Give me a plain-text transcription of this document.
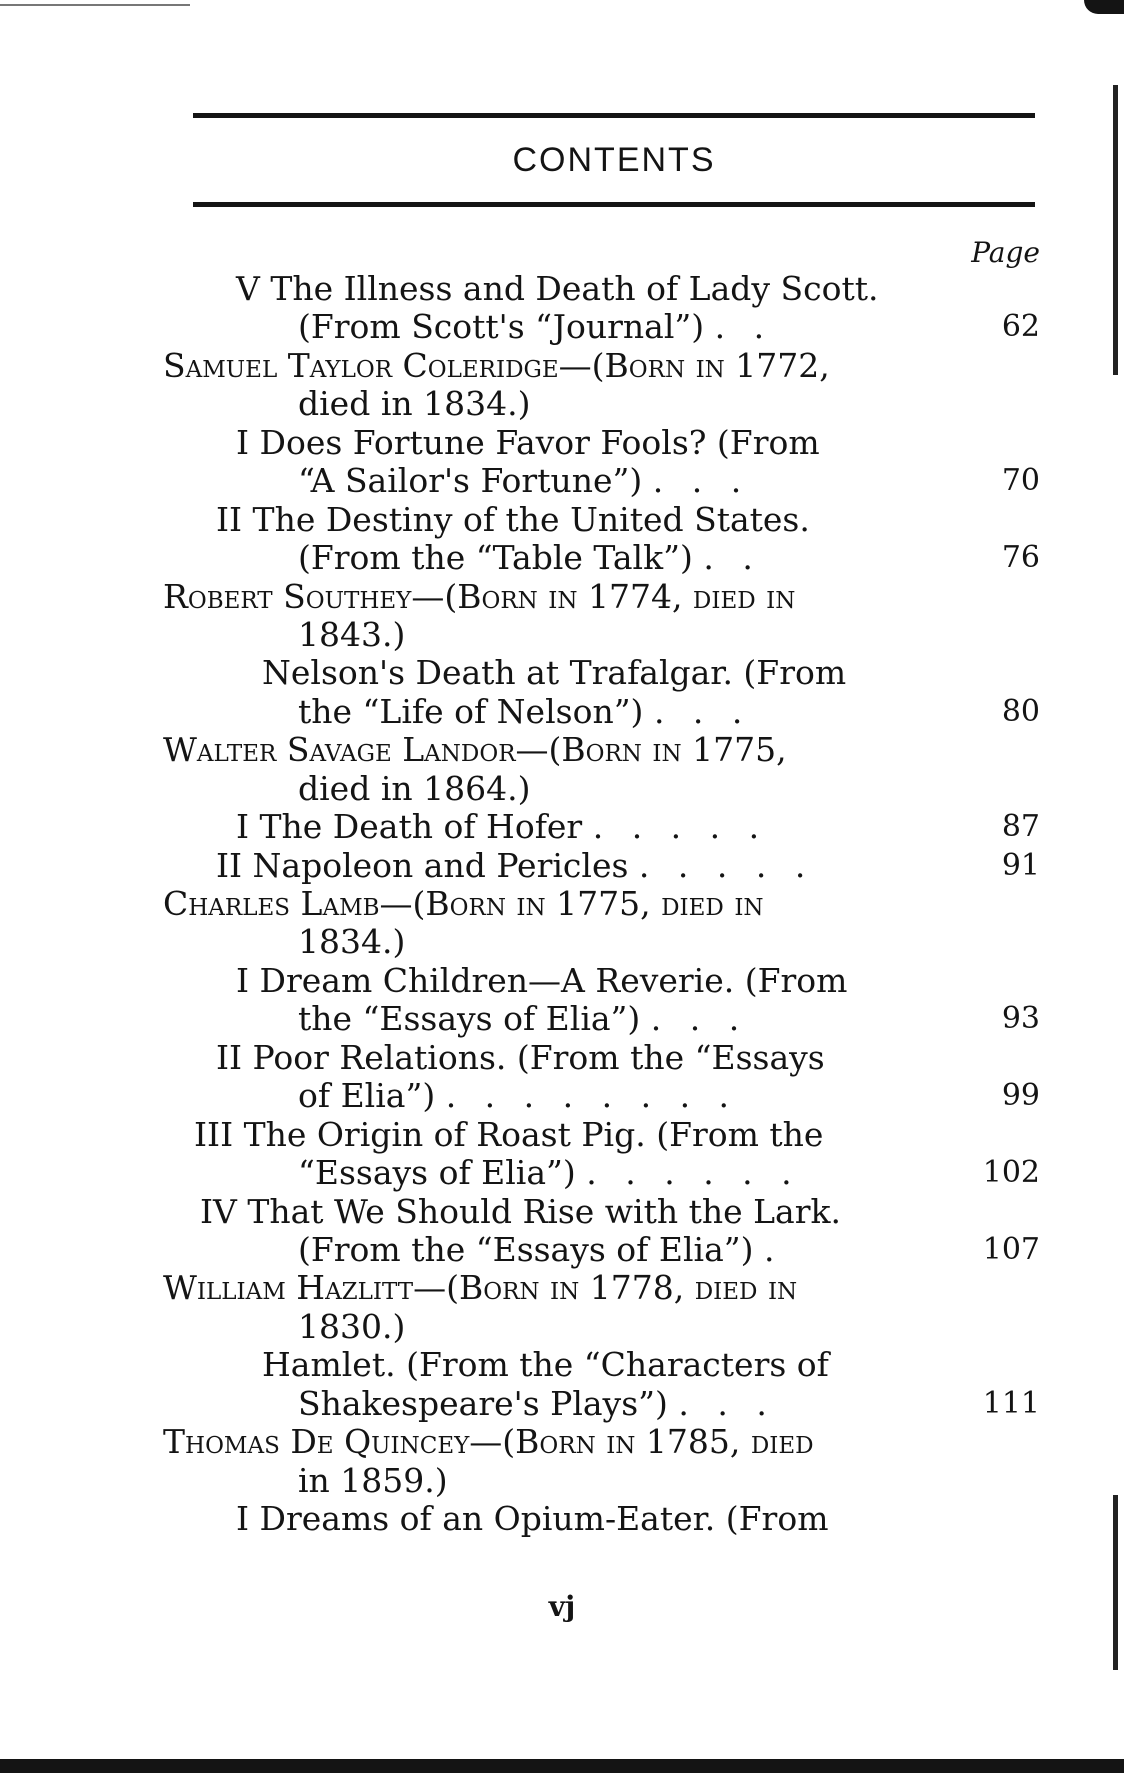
CONTENTS
Page
V The Illness and Death of Lady Scott.
(From Scott's “Journal”) . .	62
Samuel Taylor Coleridge—(Born in 1772,
died in 1834.)
I Does Fortune Favor Fools? (From
“A Sailor's Fortune”) . . .	70
II The Destiny of the United States.
(From the “Table Talk”) . .	76
Robert Southey—(Born in 1774, died in
1843.)
Nelson's Death at Trafalgar. (From
the “Life of Nelson”) . . .	80
Walter Savage Landor—(Born in 1775,
died in 1864.)
I The Death of Hofer . . . . .	87
II Napoleon and Pericles . . . . .	91
Charles Lamb—(Born in 1775, died in
1834.)
I Dream Children—A Reverie. (From
the “Essays of Elia”) . . .	93
II Poor Relations. (From the “Essays
of Elia”) . . . . . . . .	99
III The Origin of Roast Pig. (From the
“Essays of Elia”) . . . . . .	102
IV That We Should Rise with the Lark.
(From the “Essays of Elia”) .	107
William Hazlitt—(Born in 1778, died in
1830.)
Hamlet. (From the “Characters of
Shakespeare's Plays”) . . .	111
Thomas De Quincey—(Born in 1785, died
in 1859.)
I Dreams of an Opium-Eater. (From
vj
